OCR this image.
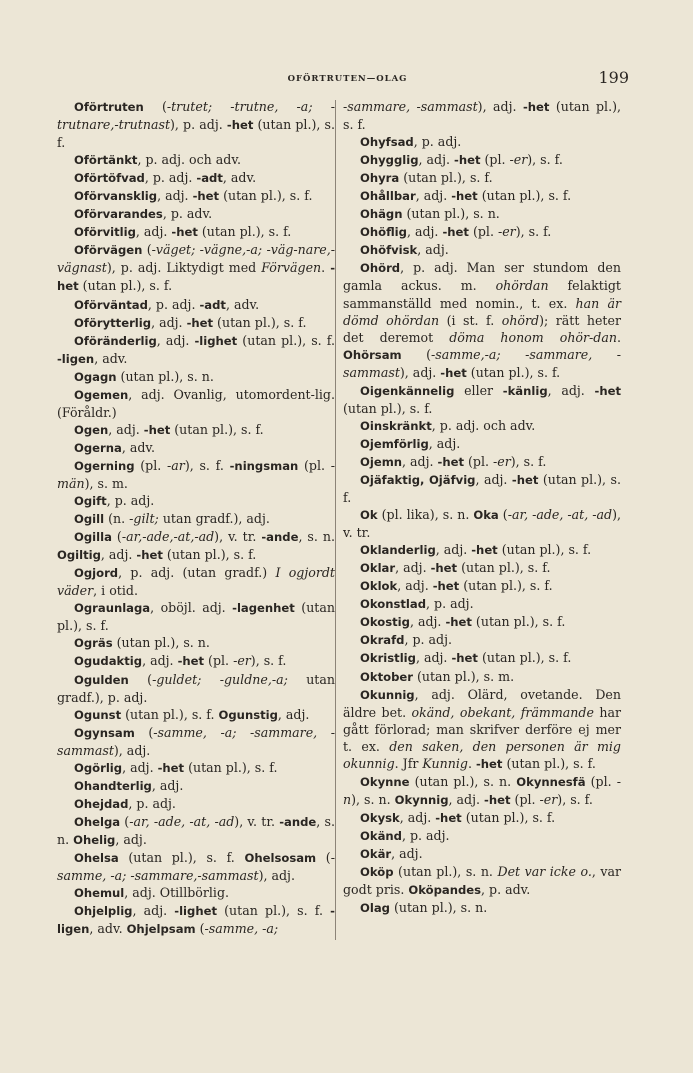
OFÖRTRUTEN—OLAG	199

Oförtruten (-trutet; -trutne, -a; -trutnare,-trutnast), p. adj. -het (utan pl.), s. f.

Oförtänkt, p. adj. och adv.

Oförtöfvad, p. adj. -adt, adv.

Oförvansklig, adj. -het (utan pl.), s. f.

Oförvarandes, p. adv.

Oförvitlig, adj. -het (utan pl.), s. f.

Oförvägen (-väget; -vägne,-a; -väg-nare,-vägnast), p. adj. Liktydigt med Förvägen. -het (utan pl.), s. f.

Oförväntad, p. adj. -adt, adv.

Oförytterlig, adj. -het (utan pl.), s. f.

Oföränderlig, adj. -lighet (utan pl.), s. f. -ligen, adv.

Ogagn (utan pl.), s. n.

Ogemen, adj. Ovanlig, utomordent-lig. (Föråldr.)

Ogen, adj. -het (utan pl.), s. f.

Ogerna, adv.

Ogerning (pl. -ar), s. f. -ningsman (pl. -män), s. m.

Ogift, p. adj.

Ogill (n. -gilt; utan gradf.), adj.

Ogilla (-ar,-ade,-at,-ad), v. tr. -ande, s. n. Ogiltig, adj. -het (utan pl.), s. f.

Ogjord, p. adj. (utan gradf.) I ogjordt väder, i otid.

Ograunlaga, oböjl. adj. -lagenhet (utan pl.), s. f.

Ogräs (utan pl.), s. n.

Ogudaktig, adj. -het (pl. -er), s. f.

Ogulden (-guldet; -guldne,-a; utan gradf.), p. adj.

Ogunst (utan pl.), s. f. Ogunstig, adj.

Ogynsam (-samme, -a; -sammare, -sammast), adj.

Ogörlig, adj. -het (utan pl.), s. f.

Ohandterlig, adj.

Ohejdad, p. adj.

Ohelga (-ar, -ade, -at, -ad), v. tr. -ande, s. n. Ohelig, adj.

Ohelsa (utan pl.), s. f. Ohelsosam (-samme, -a; -sammare,-sammast), adj.

Ohemul, adj. Otillbörlig.

Ohjelplig, adj. -lighet (utan pl.), s. f. -ligen, adv. Ohjelpsam (-samme, -a;

-sammare, -sammast), adj. -het (utan pl.), s. f.

Ohyfsad, p. adj.

Ohygglig, adj. -het (pl. -er), s. f.

Ohyra (utan pl.), s. f.

Ohållbar, adj. -het (utan pl.), s. f.

Ohägn (utan pl.), s. n.

Ohöflig, adj. -het (pl. -er), s. f.

Ohöfvisk, adj.

Ohörd, p. adj. Man ser stundom den gamla ackus. m. ohördan felaktigt sammanställd med nomin., t. ex. han är dömd ohördan (i st. f. ohörd); rätt heter det deremot döma honom ohör-dan. Ohörsam (-samme,-a; -sammare, -sammast), adj. -het (utan pl.), s. f.

Oigenkännelig eller -känlig, adj. -het (utan pl.), s. f.

Oinskränkt, p. adj. och adv.

Ojemförlig, adj.

Ojemn, adj. -het (pl. -er), s. f.

Ojäfaktig, Ojäfvig, adj. -het (utan pl.), s. f.

Ok (pl. lika), s. n. Oka (-ar, -ade, -at, -ad), v. tr.

Oklanderlig, adj. -het (utan pl.), s. f.

Oklar, adj. -het (utan pl.), s. f.

Oklok, adj. -het (utan pl.), s. f.

Okonstlad, p. adj.

Okostig, adj. -het (utan pl.), s. f.

Okrafd, p. adj.

Okristlig, adj. -het (utan pl.), s. f.

Oktober (utan pl.), s. m.

Okunnig, adj. Olärd, ovetande. Den äldre bet. okänd, obekant, främmande har gått förlorad; man skrifver derföre ej mer t. ex. den saken, den personen är mig okunnig. Jfr Kunnig. -het (utan pl.), s. f.

Okynne (utan pl.), s. n. Okynnesfä (pl. -n), s. n. Okynnig, adj. -het (pl. -er), s. f.

Okysk, adj. -het (utan pl.), s. f.

Okänd, p. adj.

Okär, adj.

Oköp (utan pl.), s. n. Det var icke o., var godt pris. Oköpandes, p. adv.

Olag (utan pl.), s. n.
